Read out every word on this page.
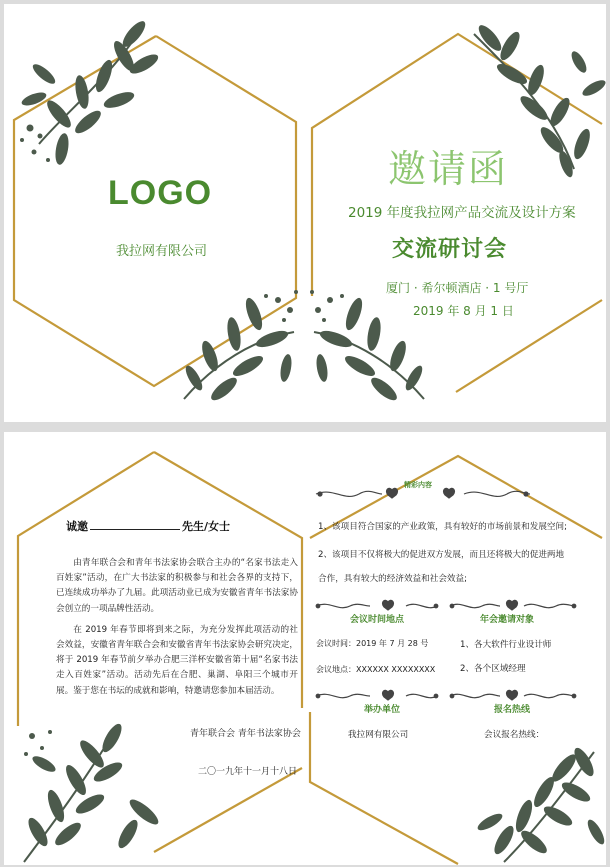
LOGO
我拉网有限公司
邀请函
2019 年度我拉网产品交流及设计方案
交流研讨会
厦门 · 希尔顿酒店 · 1 号厅
2019 年 8 月 1 日
诚邀	先生/女士

由青年联合会和青年书法家协会联合主办的“名家书法走入百姓家”活动，在广大书法家的积极参与和社会各界的支持下，已连续成功举办了九届。此项活动业已成为安徽省青年书法家协会创立的一项品牌性活动。

在 2019 年春节即将到来之际，为充分发挥此项活动的社会效益，安徽省青年联合会和安徽省青年书法家协会研究决定，将于 2019 年春节前夕举办合肥三洋杯安徽省第十届“名家书法走入百姓家”活动。活动先后在合肥、巢湖、阜阳三个城市开展。鉴于您在书坛的成就和影响，特邀请您参加本届活动。

青年联合会 青年书法家协会
二〇一九年十一月十八日
精彩内容
1、该项目符合国家的产业政策，具有较好的市场前景和发展空间;
2、该项目不仅将极大的促进双方发展，而且还将极大的促进两地
合作，具有较大的经济效益和社会效益;
会议时间地点
会议时间：2019 年 7 月 28 号
会议地点：XXXXXX XXXXXXXX
年会邀请对象
1、各大软件行业设计师
2、各个区域经理
举办单位
我拉网有限公司
报名热线
会议报名热线：
